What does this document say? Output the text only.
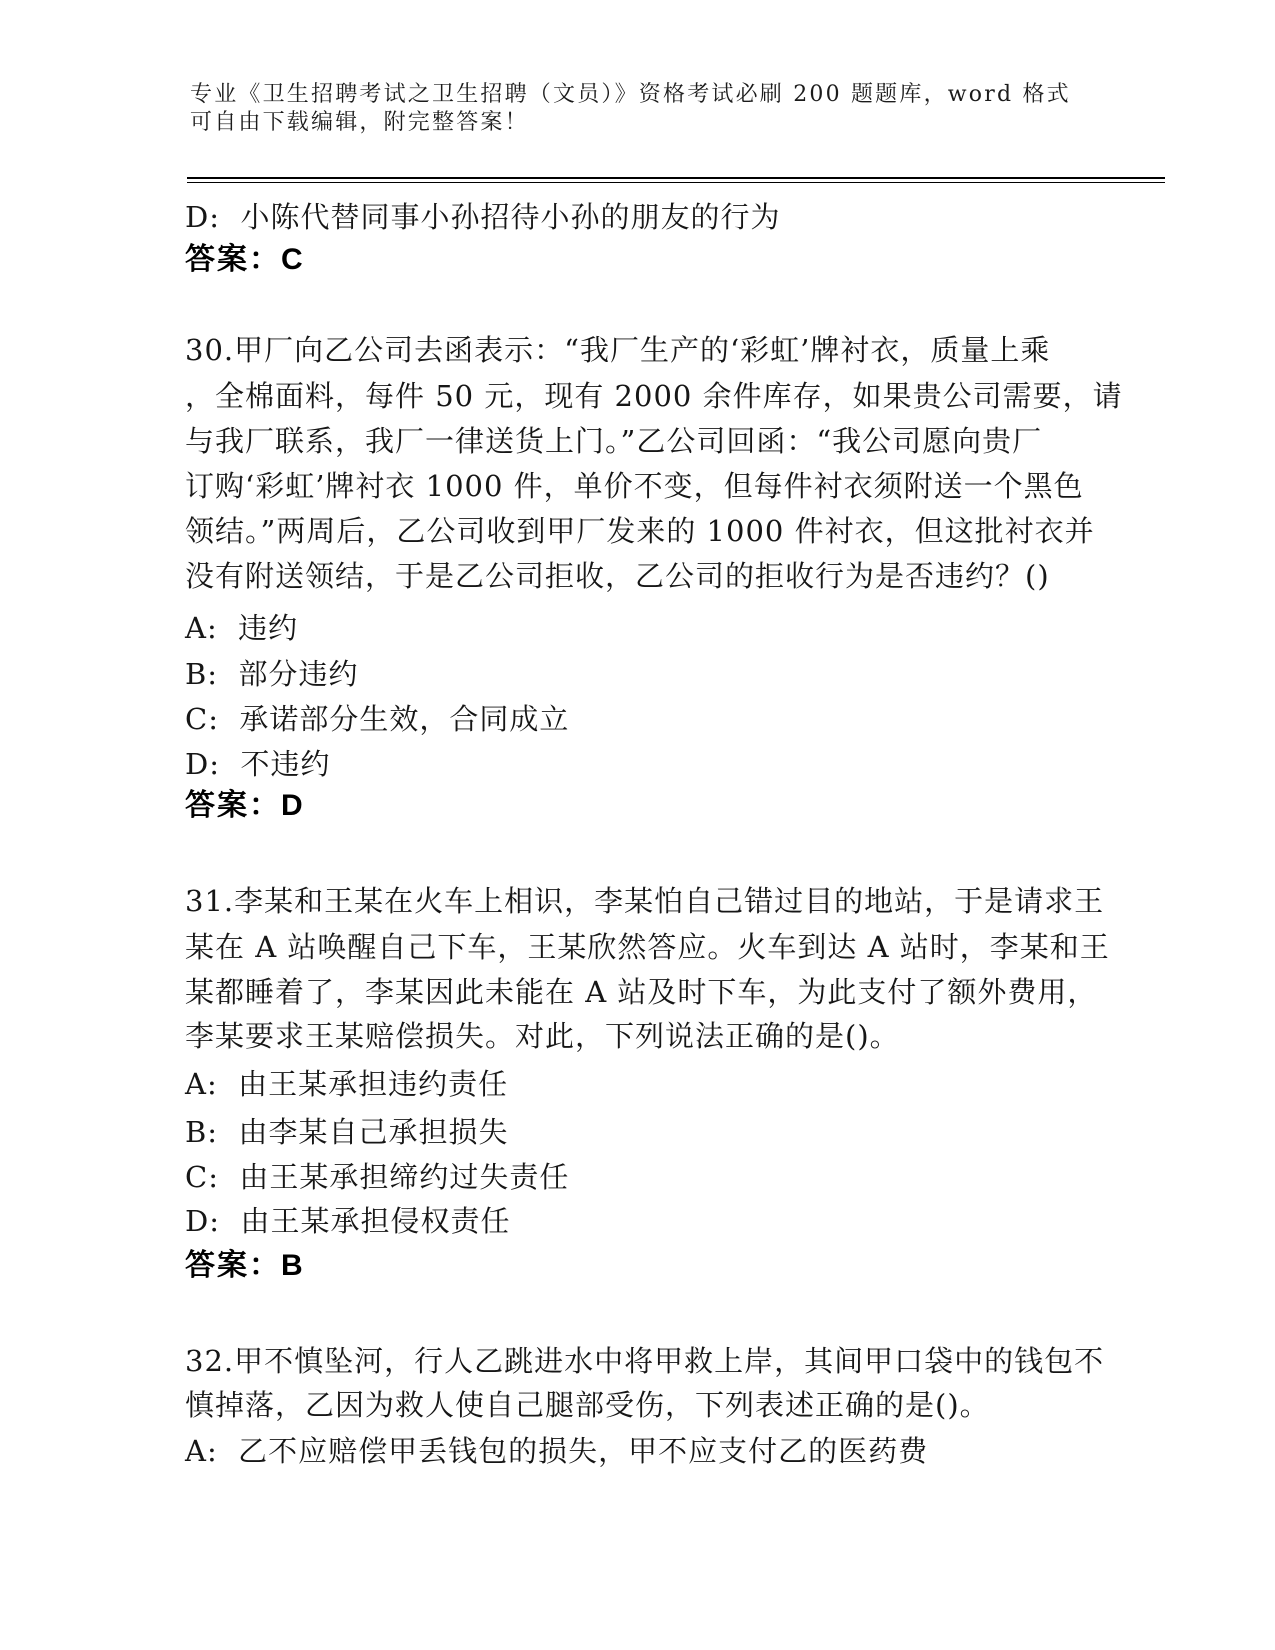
专业《卫生招聘考试之卫生招聘（文员）》资格考试必刷 200 题题库，word 格式
可自由下载编辑，附完整答案！
D:  小陈代替同事小孙招待小孙的朋友的行为
答案：C
30.甲厂向乙公司去函表示：“我厂生产的‘彩虹’牌衬衣，质量上乘
，全棉面料，每件 50 元，现有 2000 余件库存，如果贵公司需要，请
与我厂联系，我厂一律送货上门。”乙公司回函：“我公司愿向贵厂
订购‘彩虹’牌衬衣 1000 件，单价不变，但每件衬衣须附送一个黑色
领结。”两周后，乙公司收到甲厂发来的 1000 件衬衣，但这批衬衣并
没有附送领结，于是乙公司拒收，乙公司的拒收行为是否违约？()
A:  违约
B:  部分违约
C:  承诺部分生效，合同成立
D:  不违约
答案：D
31.李某和王某在火车上相识，李某怕自己错过目的地站，于是请求王
某在 A 站唤醒自己下车，王某欣然答应。火车到达 A 站时，李某和王
某都睡着了，李某因此未能在 A 站及时下车，为此支付了额外费用，
李某要求王某赔偿损失。对此，下列说法正确的是()。
A:  由王某承担违约责任
B:  由李某自己承担损失
C:  由王某承担缔约过失责任
D:  由王某承担侵权责任
答案：B
32.甲不慎坠河，行人乙跳进水中将甲救上岸，其间甲口袋中的钱包不
慎掉落，乙因为救人使自己腿部受伤，下列表述正确的是()。
A:  乙不应赔偿甲丢钱包的损失，甲不应支付乙的医药费
